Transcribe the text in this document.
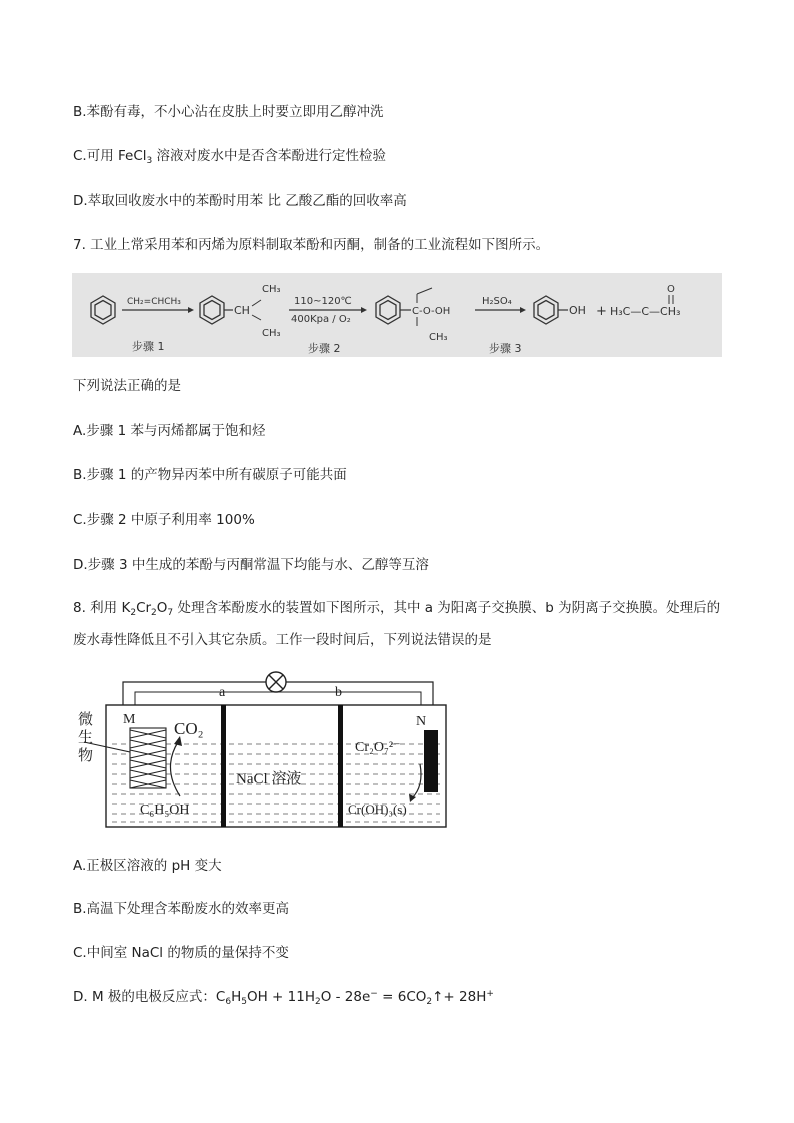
B.苯酚有毒，不小心沾在皮肤上时要立即用乙醇冲洗
C.可用 FeCl$_3$ 溶液对废水中是否含苯酚进行定性检验
D.萃取回收废水中的苯酚时用苯 比 乙酸乙酯的回收率高
7. 工业上常采用苯和丙烯为原料制取苯酚和丙酮，制备的工业流程如下图所示。
CH₂=CHCH₃
步骤 1
CH
CH₃
CH₃
110~120℃
400Kpa / O₂
步骤 2
C-O-OH
CH₃
H₂SO₄
步骤 3
OH + H₃C—C—CH₃
O
下列说法正确的是
A.步骤 1 苯与丙烯都属于饱和烃
B.步骤 1 的产物异丙苯中所有碳原子可能共面
C.步骤 2 中原子利用率 100%
D.步骤 3 中生成的苯酚与丙酮常温下均能与水、乙醇等互溶
8. 利用 $K_2Cr_2O_7$ 处理含苯酚废水的装置如下图所示，其中 a 为阳离子交换膜、b 为阴离子交换膜。处理后的
废水毒性降低且不引入其它杂质。工作一段时间后，下列说法错误的是
a	b
M
微
生
物
CO₂
C₆H₅OH
NaCl 溶液
N
Cr₂O₇²⁻
Cr(OH)₃(s)
A.正极区溶液的 pH 变大
B.高温下处理含苯酚废水的效率更高
C.中间室 NaCl 的物质的量保持不变
D. M 极的电极反应式：$C_6H_5OH + 11H_2O - 28e^-$ = $6CO_2↑+ 28H^+$
